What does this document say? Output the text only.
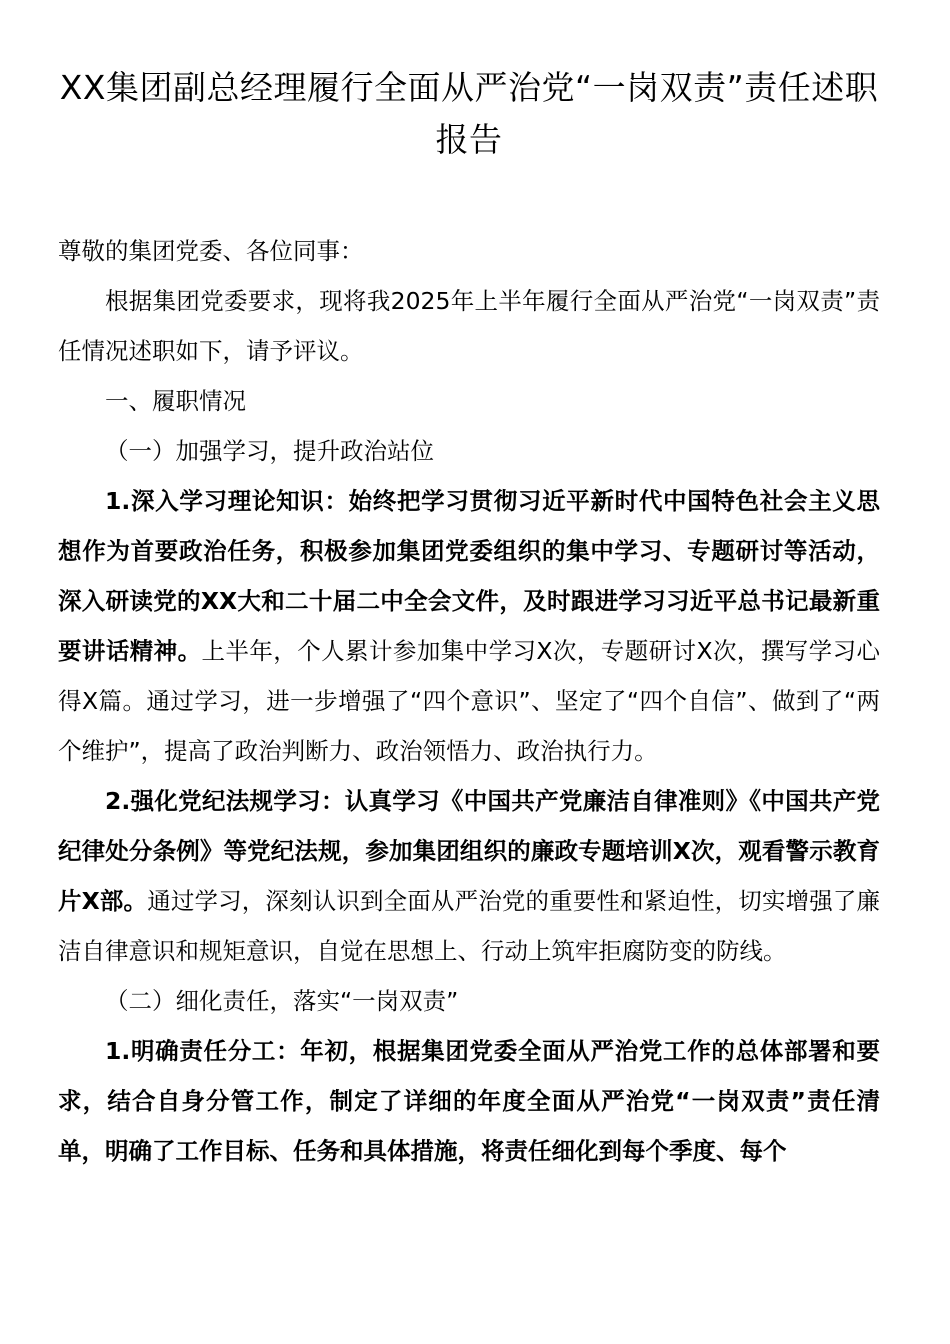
XX集团副总经理履行全面从严治党“一岗双责”责任述职报告

尊敬的集团党委、各位同事：

根据集团党委要求，现将我2025年上半年履行全面从严治党“一岗双责”责任情况述职如下，请予评议。

一、履职情况

（一）加强学习，提升政治站位

1.深入学习理论知识：始终把学习贯彻习近平新时代中国特色社会主义思想作为首要政治任务，积极参加集团党委组织的集中学习、专题研讨等活动，深入研读党的XX大和二十届二中全会文件，及时跟进学习习近平总书记最新重要讲话精神。上半年，个人累计参加集中学习X次，专题研讨X次，撰写学习心得X篇。通过学习，进一步增强了“四个意识”、坚定了“四个自信”、做到了“两个维护”，提高了政治判断力、政治领悟力、政治执行力。

2.强化党纪法规学习：认真学习《中国共产党廉洁自律准则》《中国共产党纪律处分条例》等党纪法规，参加集团组织的廉政专题培训X次，观看警示教育片X部。通过学习，深刻认识到全面从严治党的重要性和紧迫性，切实增强了廉洁自律意识和规矩意识，自觉在思想上、行动上筑牢拒腐防变的防线。

（二）细化责任，落实“一岗双责”

1.明确责任分工：年初，根据集团党委全面从严治党工作的总体部署和要求，结合自身分管工作，制定了详细的年度全面从严治党“一岗双责”责任清单，明确了工作目标、任务和具体措施，将责任细化到每个季度、每个
